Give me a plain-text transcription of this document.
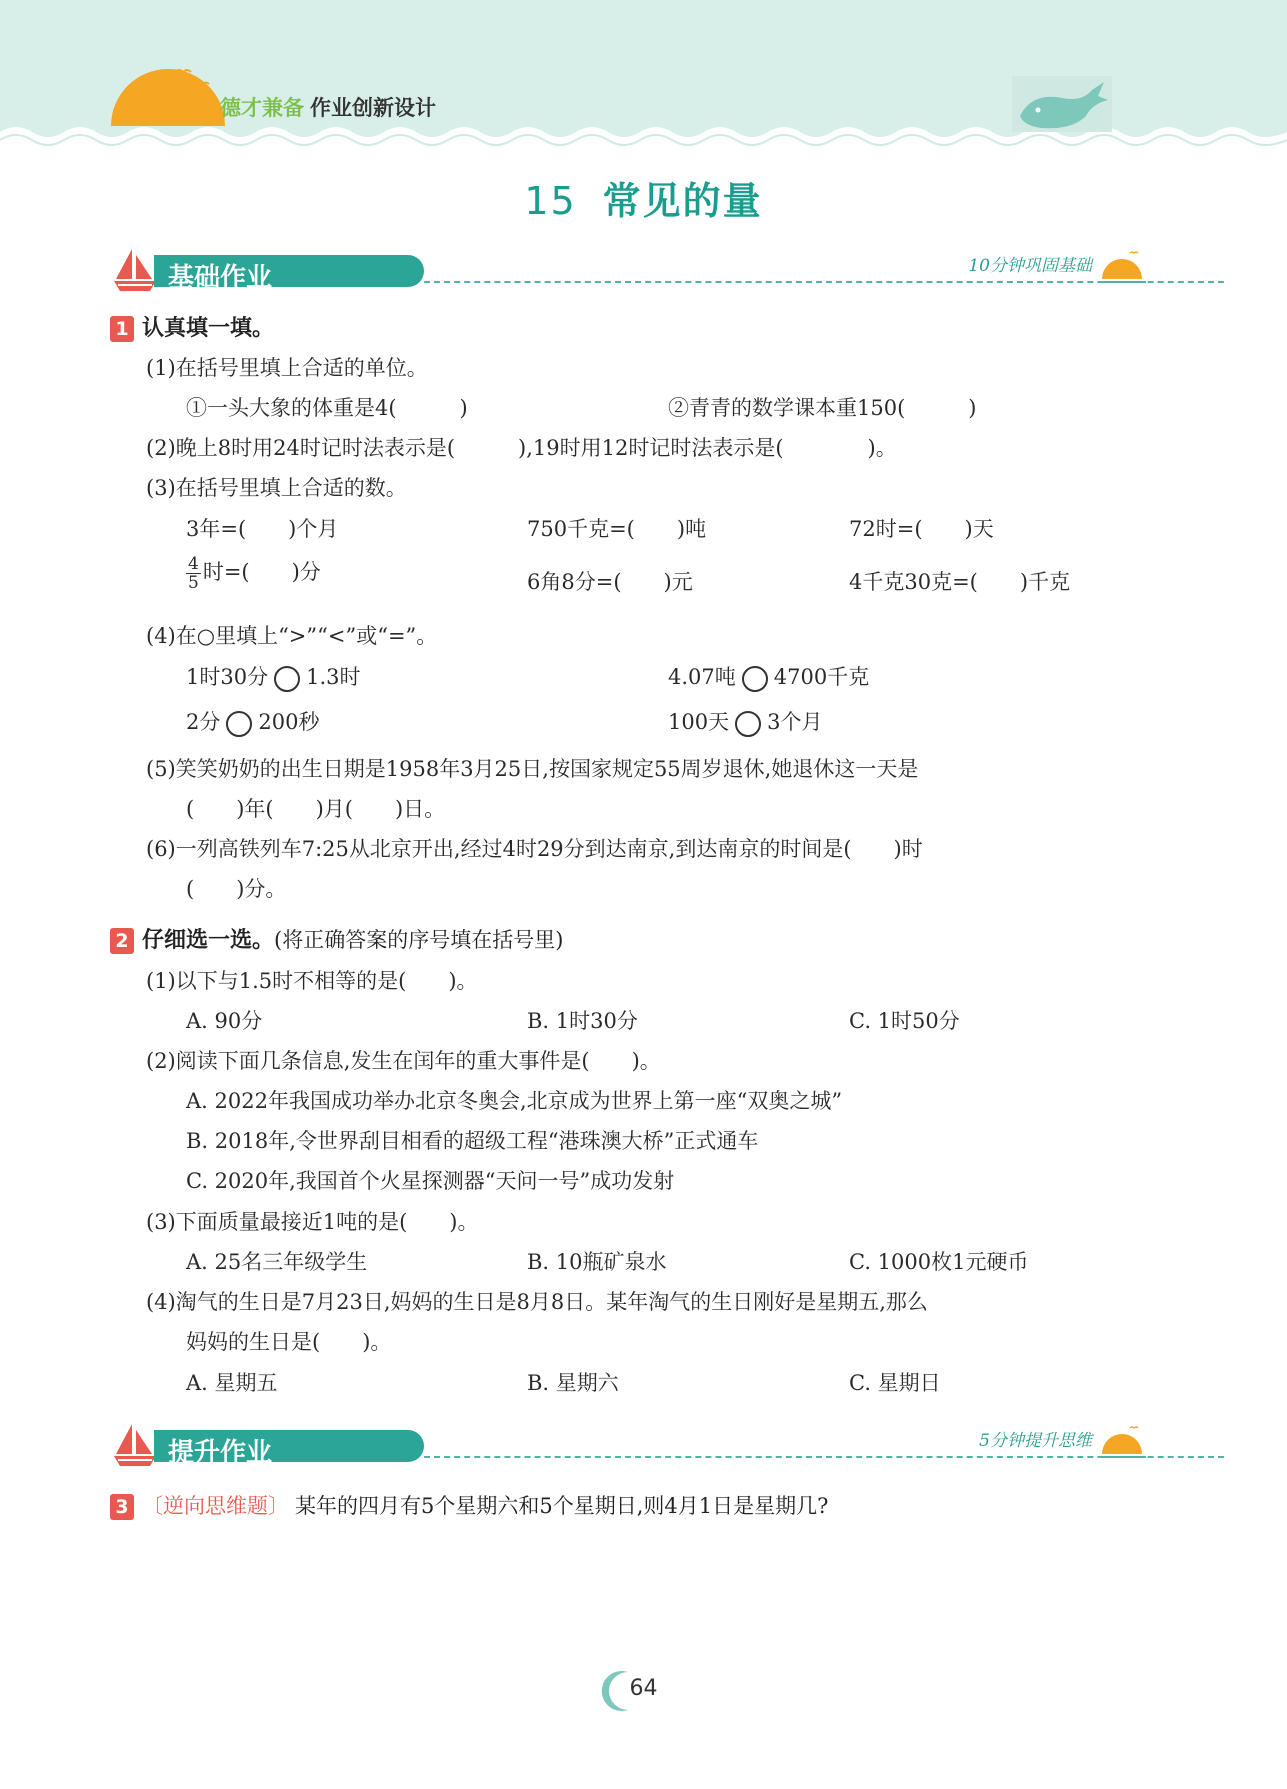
德才兼备 作业创新设计
15 常见的量
基础作业	10分钟巩固基础
1 认真填一填。
(1)在括号里填上合适的单位。
①一头大象的体重是4(　　　)	②青青的数学课本重150(　　　)
(2)晚上8时用24时记时法表示是(　　　),19时用12时记时法表示是(　　　　)。
(3)在括号里填上合适的数。
3年=(　　)个月	750千克=(　　)吨	72时=(　　)天
$\frac{4}{5}$ 时=(　　)分	6角8分=(　　)元	4千克30克=(　　)千克
(4)在○里填上“>”“<”或“=”。
1时30分 1.3时	4.07吨 4700千克
2分 200秒	100天 3个月
(5)笑笑奶奶的出生日期是1958年3月25日,按国家规定55周岁退休,她退休这一天是
(　　)年(　　)月(　　)日。
(6)一列高铁列车7:25从北京开出,经过4时29分到达南京,到达南京的时间是(　　)时
(　　)分。
2 仔细选一选。(将正确答案的序号填在括号里)
(1)以下与1.5时不相等的是(　　)。
A. 90分	B. 1时30分	C. 1时50分
(2)阅读下面几条信息,发生在闰年的重大事件是(　　)。
A. 2022年我国成功举办北京冬奥会,北京成为世界上第一座“双奥之城”
B. 2018年,令世界刮目相看的超级工程“港珠澳大桥”正式通车
C. 2020年,我国首个火星探测器“天问一号”成功发射
(3)下面质量最接近1吨的是(　　)。
A. 25名三年级学生	B. 10瓶矿泉水	C. 1000枚1元硬币
(4)淘气的生日是7月23日,妈妈的生日是8月8日。某年淘气的生日刚好是星期五,那么
妈妈的生日是(　　)。
A. 星期五	B. 星期六	C. 星期日
提升作业	5分钟提升思维
3 〔逆向思维题〕 某年的四月有5个星期六和5个星期日,则4月1日是星期几?
64
